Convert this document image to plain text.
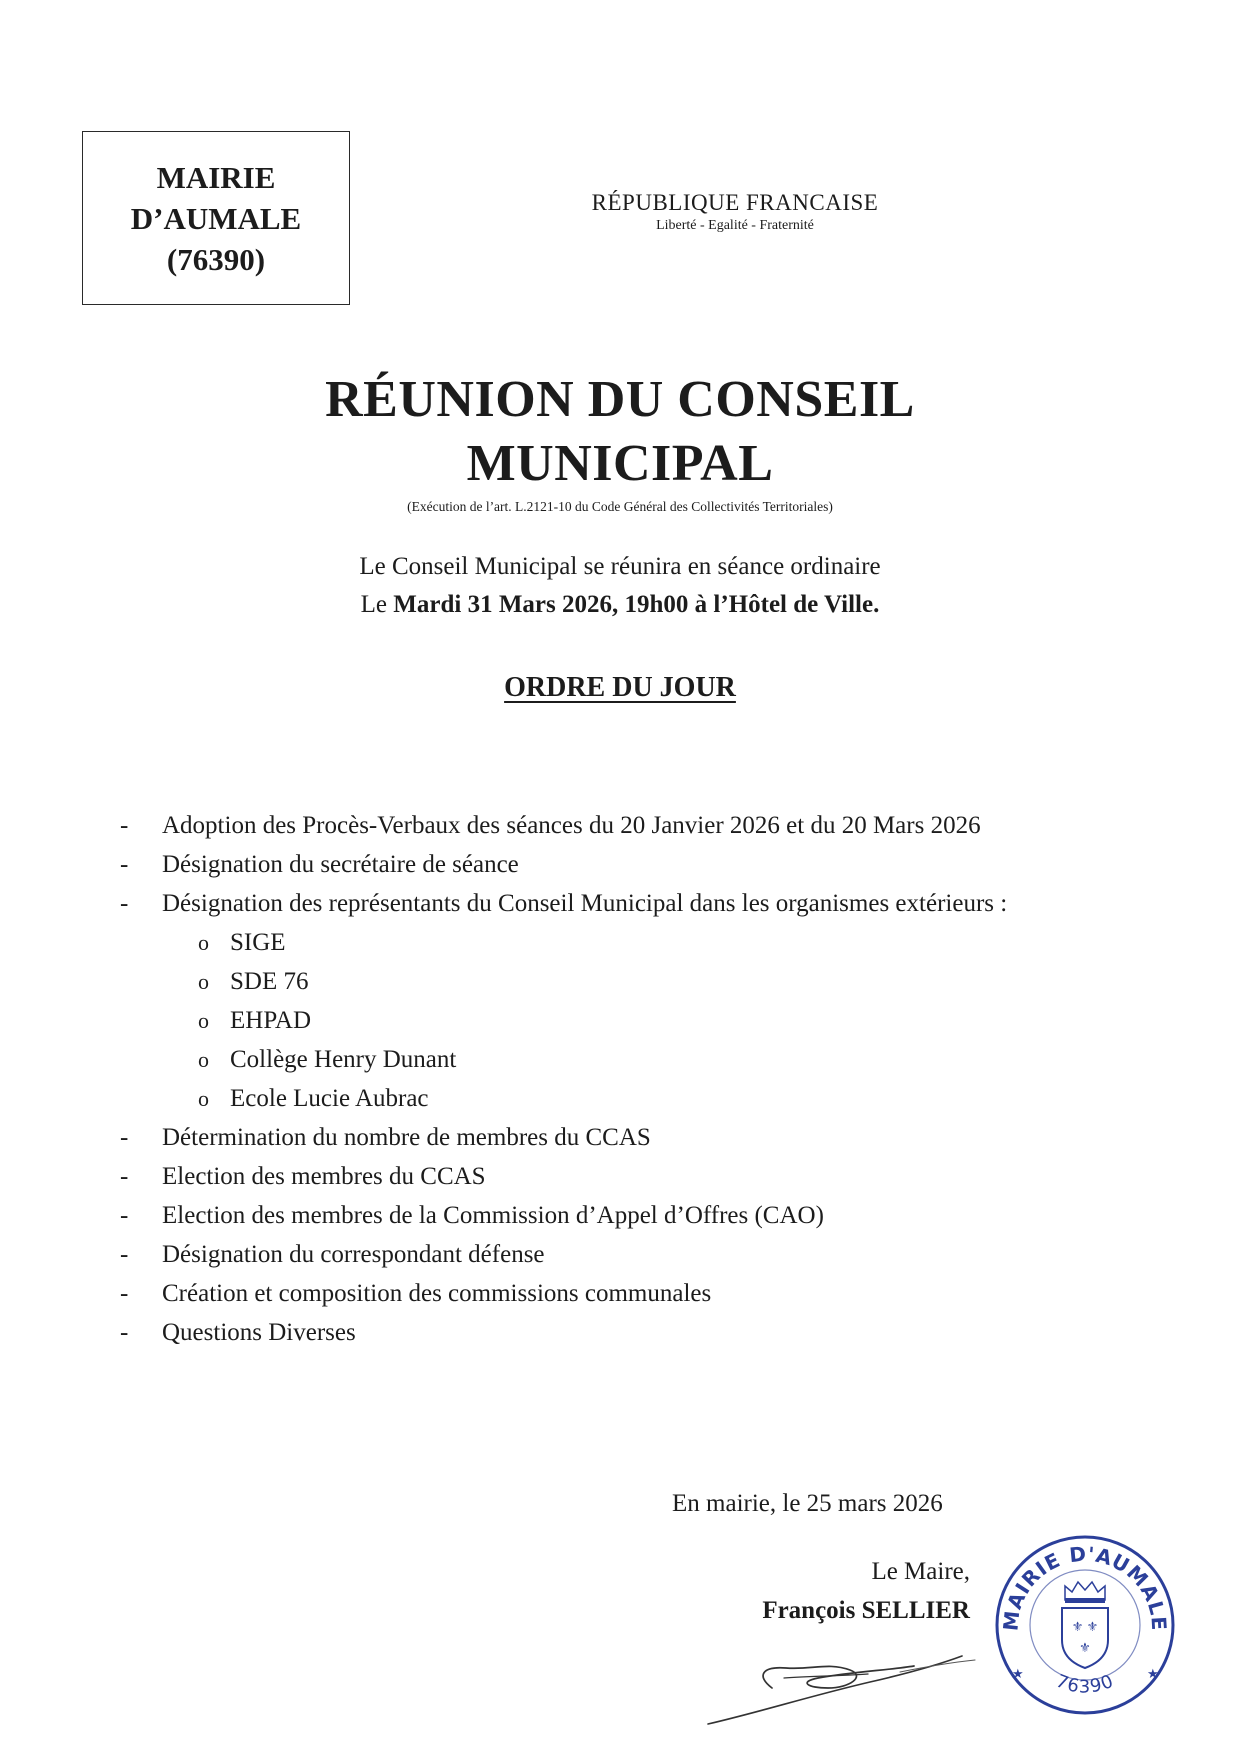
MAIRIE
D’AUMALE
(76390)
RÉPUBLIQUE FRANCAISE
Liberté - Egalité - Fraternité
RÉUNION DU CONSEIL
MUNICIPAL
(Exécution de l’art. L.2121-10 du Code Général des Collectivités Territoriales)
Le Conseil Municipal se réunira en séance ordinaire
Le Mardi 31 Mars 2026, 19h00 à l’Hôtel de Ville.
ORDRE DU JOUR
-	Adoption des Procès-Verbaux des séances du 20 Janvier 2026 et du 20 Mars 2026
-	Désignation du secrétaire de séance
-	Désignation des représentants du Conseil Municipal dans les organismes extérieurs :
o SIGE
o SDE 76
o EHPAD
o Collège Henry Dunant
o Ecole Lucie Aubrac
-	Détermination du nombre de membres du CCAS
-	Election des membres du CCAS
-	Election des membres de la Commission d’Appel d’Offres (CAO)
-	Désignation du correspondant défense
-	Création et composition des commissions communales
-	Questions Diverses
En mairie, le 25 mars 2026
Le Maire,
François SELLIER MAIRIE D'AUMALE
76390
★	★
⚜ ⚜
⚜
